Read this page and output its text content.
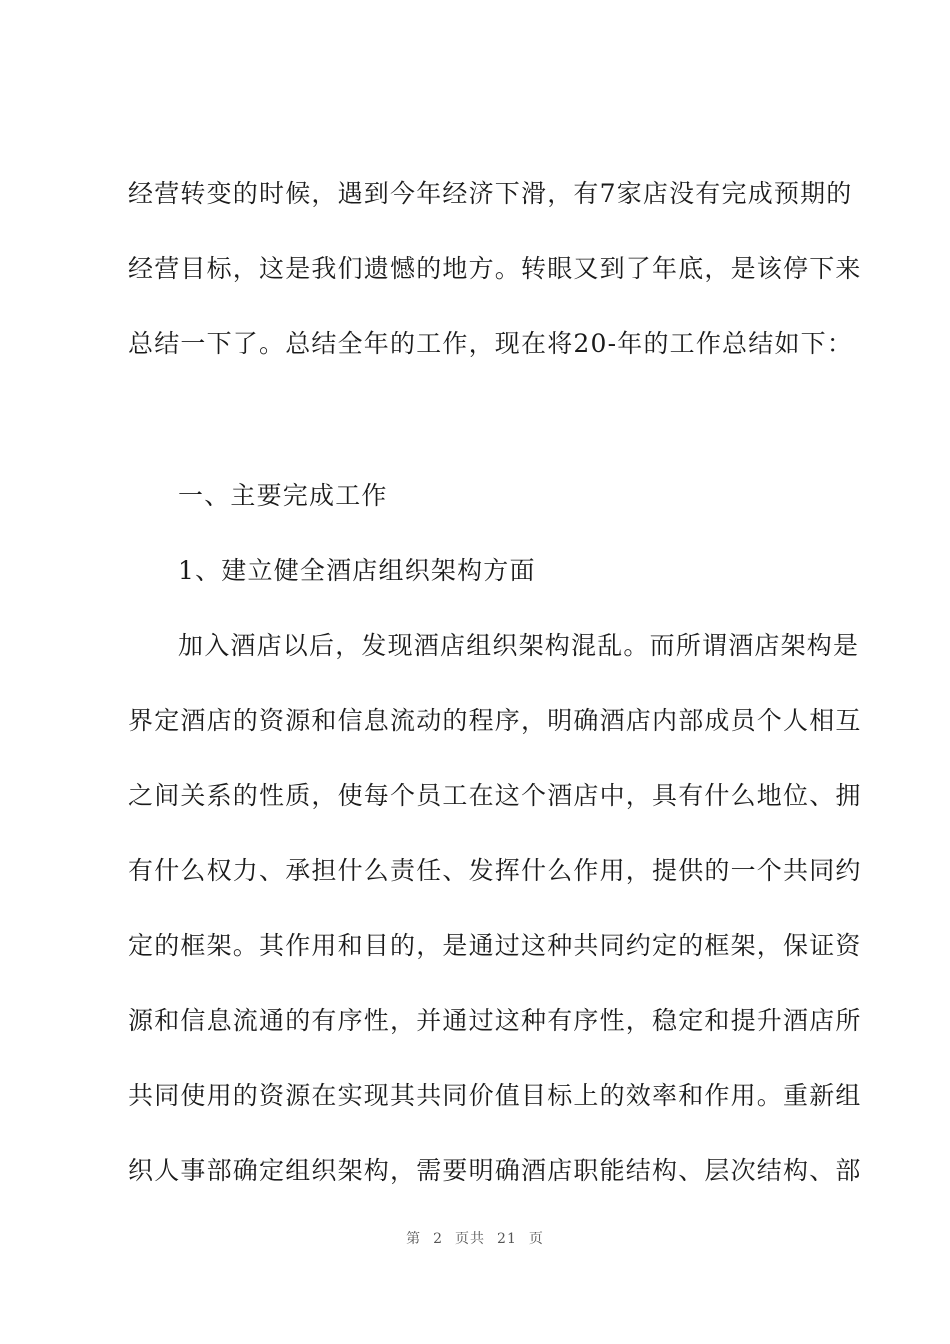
经营转变的时候，遇到今年经济下滑，有7家店没有完成预期的
经营目标，这是我们遗憾的地方。转眼又到了年底，是该停下来
总结一下了。总结全年的工作，现在将20-年的工作总结如下：
一、主要完成工作
1、建立健全酒店组织架构方面
加入酒店以后，发现酒店组织架构混乱。而所谓酒店架构是
界定酒店的资源和信息流动的程序，明确酒店内部成员个人相互
之间关系的性质，使每个员工在这个酒店中，具有什么地位、拥
有什么权力、承担什么责任、发挥什么作用，提供的一个共同约
定的框架。其作用和目的，是通过这种共同约定的框架，保证资
源和信息流通的有序性，并通过这种有序性，稳定和提升酒店所
共同使用的资源在实现其共同价值目标上的效率和作用。重新组
织人事部确定组织架构，需要明确酒店职能结构、层次结构、部
第 2 页共 21 页
